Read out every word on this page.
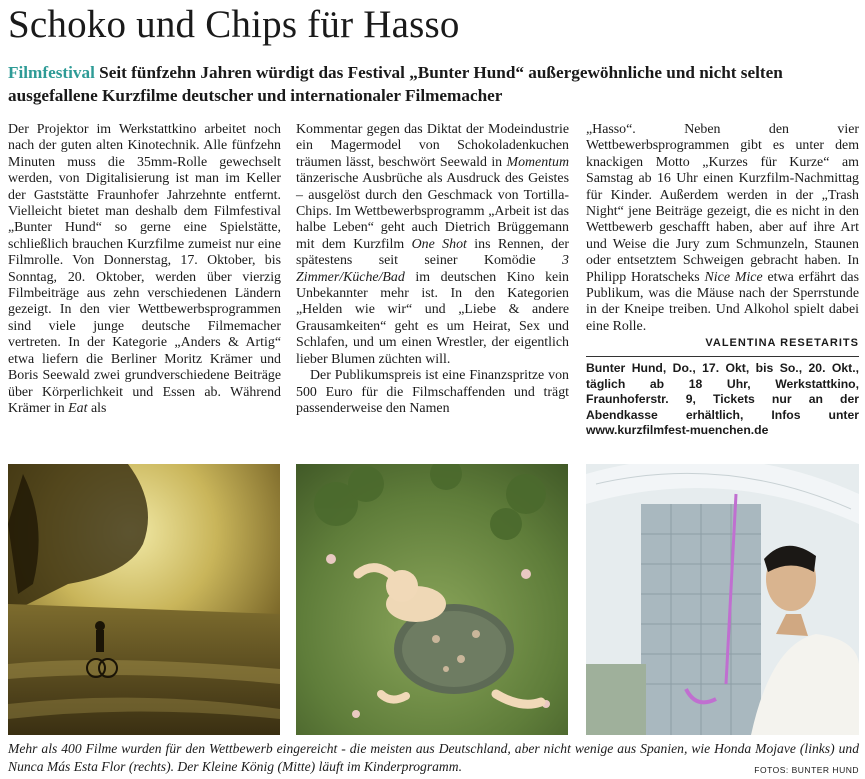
Schoko und Chips für Hasso
Filmfestival Seit fünfzehn Jahren würdigt das Festival „Bunter Hund“ außergewöhnliche und nicht selten ausgefallene Kurzfilme deutscher und internationaler Filmemacher

Der Projektor im Werkstattkino arbeitet noch nach der guten alten Kinotechnik. Alle fünfzehn Minuten muss die 35mm-Rolle gewechselt werden, von Digitalisierung ist man im Keller der Gaststätte Fraunhofer Jahrzehnte entfernt. Vielleicht bietet man deshalb dem Filmfestival „Bunter Hund“ so gerne eine Spielstätte, schließlich brauchen Kurzfilme zumeist nur eine Filmrolle. Von Donnerstag, 17. Oktober, bis Sonntag, 20. Oktober, werden über vierzig Filmbeiträge aus zehn verschiedenen Ländern gezeigt. In den vier Wettbewerbsprogrammen sind viele junge deutsche Filmemacher vertreten. In der Kategorie „Anders & Artig“ etwa liefern die Berliner Moritz Krämer und Boris Seewald zwei grundverschiedene Beiträge über Körperlichkeit und Essen ab. Während Krämer in Eat als

Kommentar gegen das Diktat der Modeindustrie ein Magermodel von Schokoladenkuchen träumen lässt, beschwört Seewald in Momentum tänzerische Ausbrüche als Ausdruck des Geistes – ausgelöst durch den Geschmack von Tortilla-Chips. Im Wettbewerbsprogramm „Arbeit ist das halbe Leben“ geht auch Dietrich Brüggemann mit dem Kurzfilm One Shot ins Rennen, der spätestens seit seiner Komödie 3 Zimmer/Küche/Bad im deutschen Kino kein Unbekannter mehr ist. In den Kategorien „Helden wie wir“ und „Liebe & andere Grausamkeiten“ geht es um Heirat, Sex und Schlafen, und um einen Wrestler, der eigentlich lieber Blumen züchten will.

Der Publikumspreis ist eine Finanzspritze von 500 Euro für die Filmschaffenden und trägt passenderweise den Namen

„Hasso“. Neben den vier Wettbewerbsprogrammen gibt es unter dem knackigen Motto „Kurzes für Kurze“ am Samstag ab 16 Uhr einen Kurzfilm-Nachmittag für Kinder. Außerdem werden in der „Trash Night“ jene Beiträge gezeigt, die es nicht in den Wettbewerb geschafft haben, aber auf ihre Art und Weise die Jury zum Schmunzeln, Staunen oder entsetztem Schweigen gebracht haben. In Philipp Horatscheks Nice Mice etwa erfährt das Publikum, was die Mäuse nach der Sperrstunde in der Kneipe treiben. Und Alkohol spielt dabei eine Rolle.

VALENTINA RESETARITS
Bunter Hund, Do., 17. Okt, bis So., 20. Okt., täglich ab 18 Uhr, Werkstattkino, Fraunhoferstr. 9, Tickets nur an der Abendkasse erhältlich, Infos unter www.kurzfilmfest-muenchen.de
Mehr als 400 Filme wurden für den Wettbewerb eingereicht - die meisten aus Deutschland, aber nicht wenige aus Spanien, wie Honda Mojave (links) und Nunca Más Esta Flor (rechts). Der Kleine König (Mitte) läuft im Kinderprogramm.	FOTOS: BUNTER HUND
